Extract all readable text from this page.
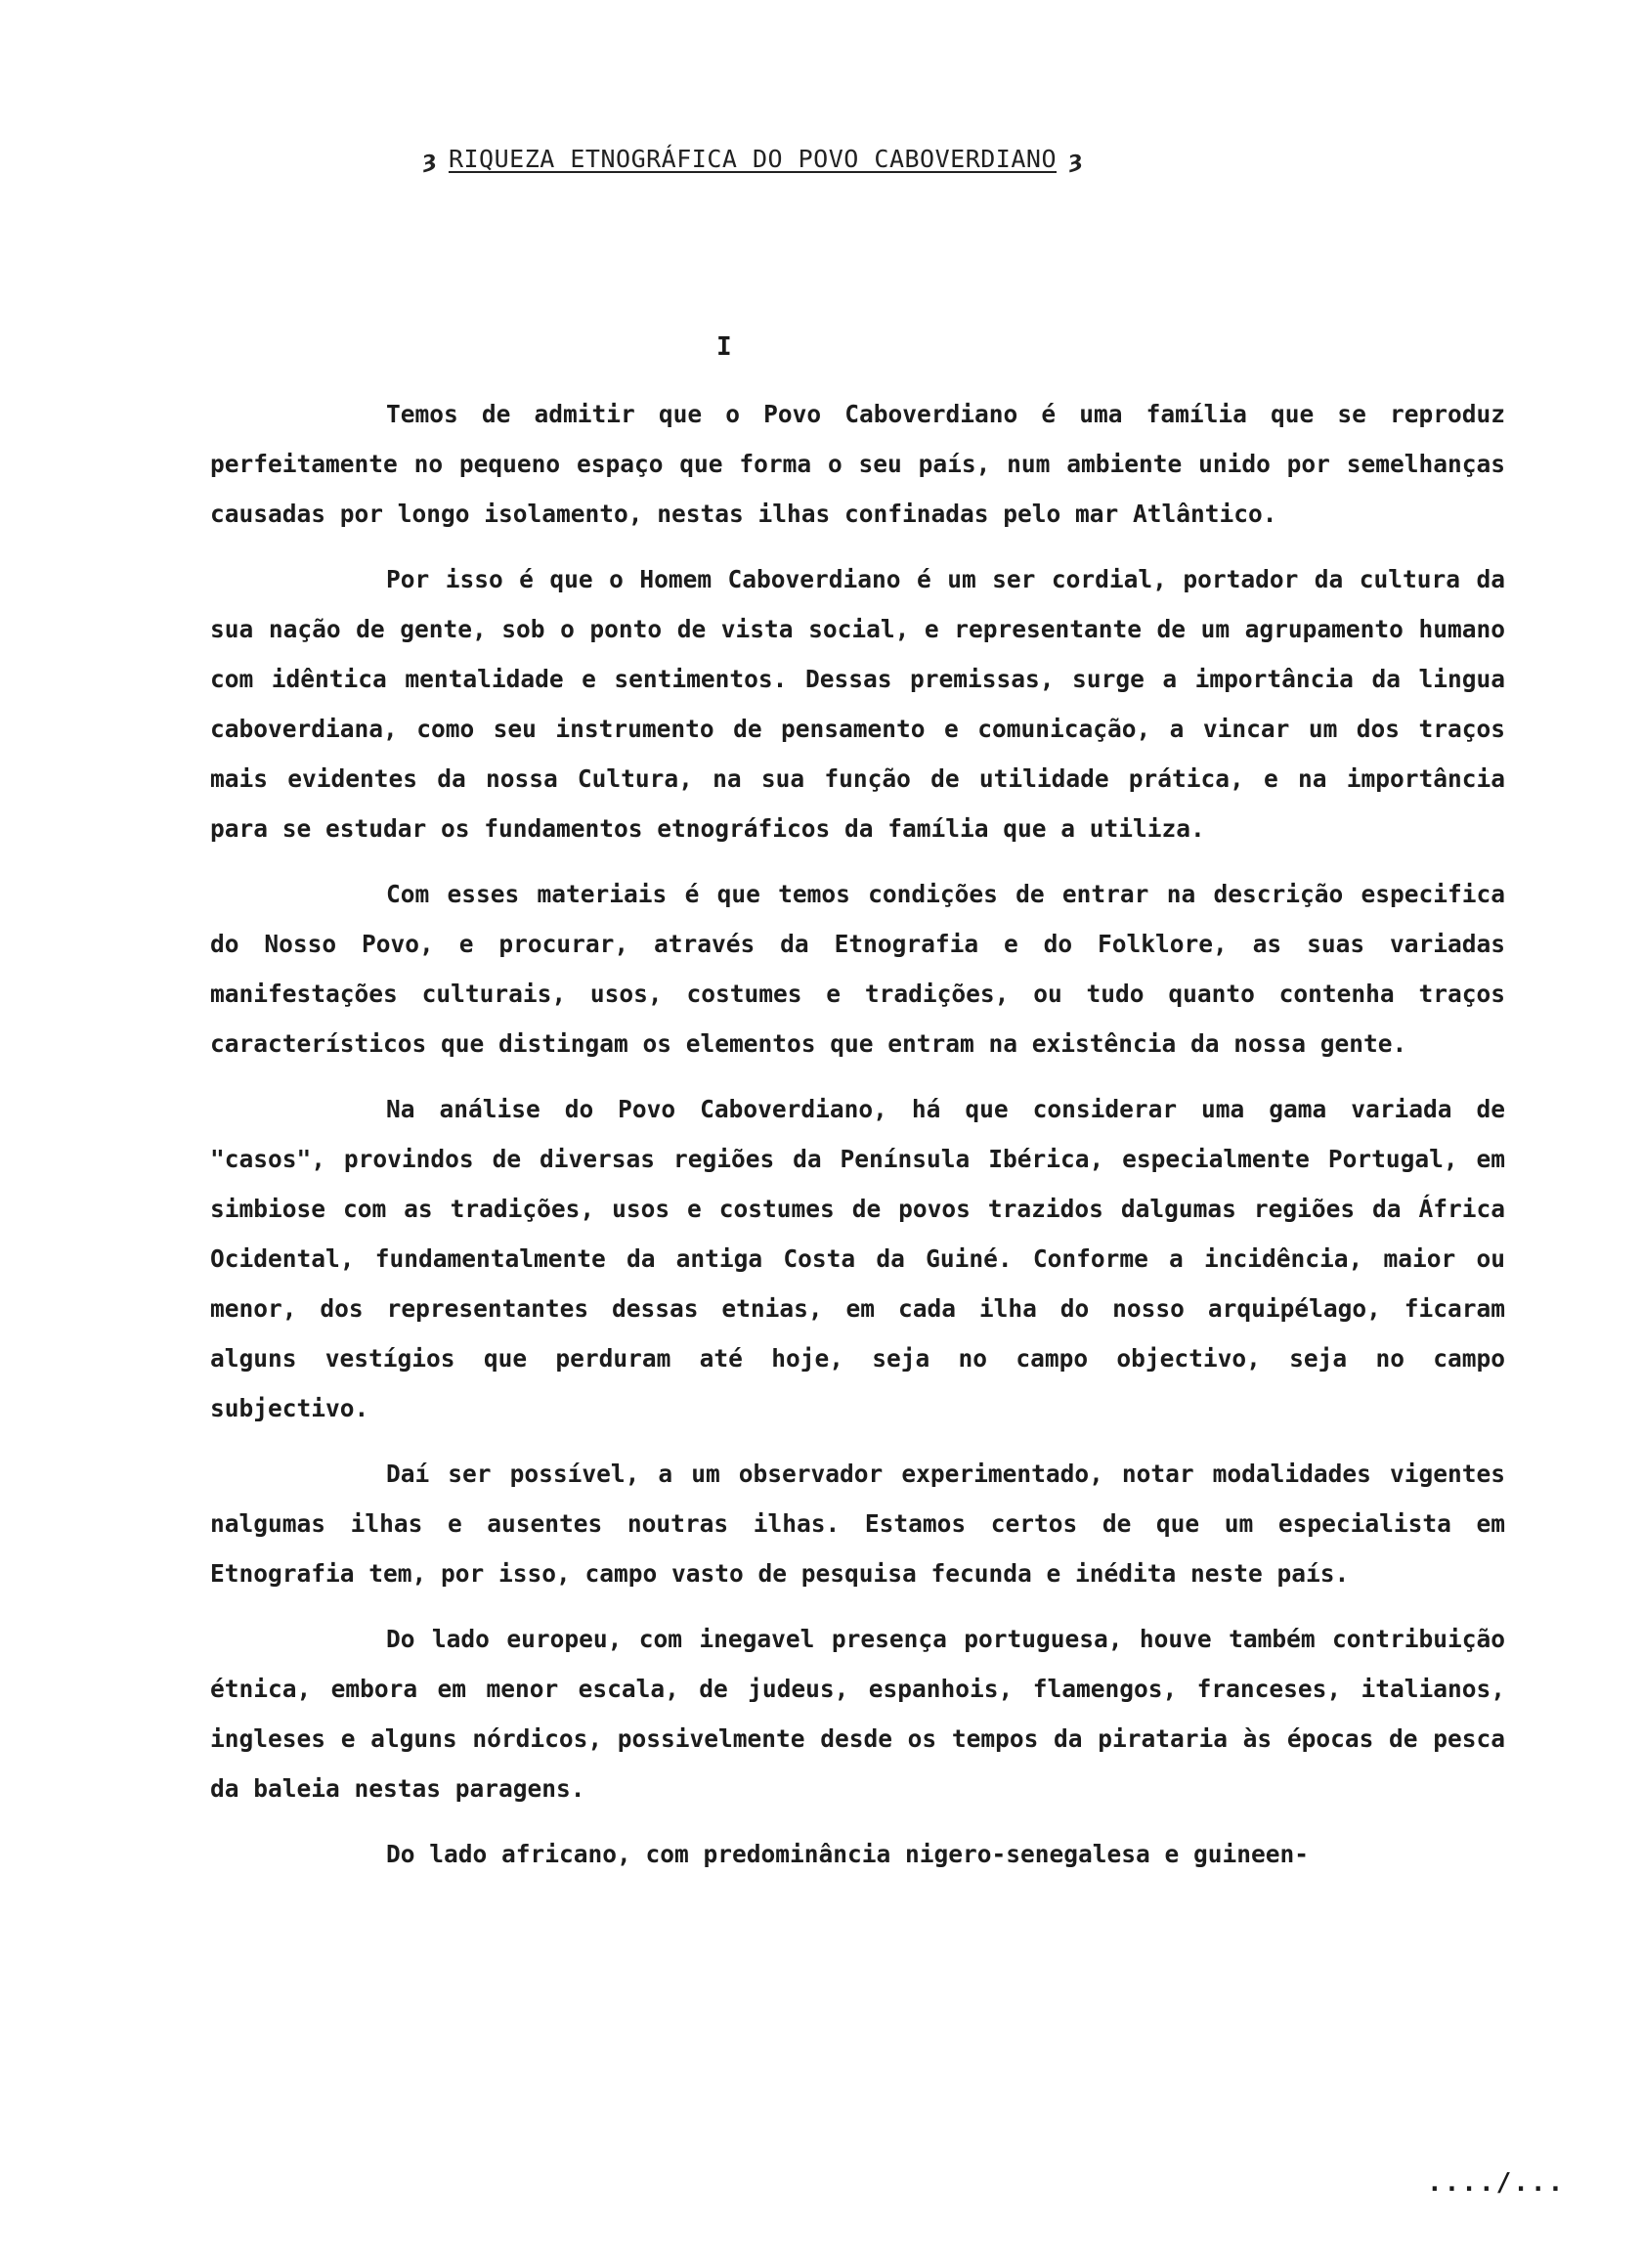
ȝ RIQUEZA ETNOGRÁFICA DO POVO CABOVERDIANO ȝ
I

Temos de admitir que o Povo Caboverdiano é uma família que se reproduz perfeitamente no pequeno espaço que forma o seu país, num ambiente unido por semelhanças causadas por longo isolamento, nestas ilhas confinadas pelo mar Atlântico.

Por isso é que o Homem Caboverdiano é um ser cordial, portador da cultura da sua nação de gente, sob o ponto de vista social, e representante de um agrupamento humano com idêntica mentalidade e sentimentos. Dessas premissas, surge a importância da lingua caboverdiana, como seu instrumento de pensamento e comunicação, a vincar um dos traços mais evidentes da nossa Cultura, na sua função de utilidade prática, e na importância para se estudar os fundamentos etnográficos da família que a utiliza.

Com esses materiais é que temos condições de entrar na descrição especifica do Nosso Povo, e procurar, através da Etnografia e do Folklore, as suas variadas manifestações culturais, usos, costumes e tradições, ou tudo quanto contenha traços característicos que distingam os elementos que entram na existência da nossa gente.

Na análise do Povo Caboverdiano, há que considerar uma gama variada de "casos", provindos de diversas regiões da Península Ibérica, especialmente Portugal, em simbiose com as tradições, usos e costumes de povos trazidos dalgumas regiões da África Ocidental, fundamentalmente da antiga Costa da Guiné. Conforme a incidência, maior ou menor, dos representantes dessas etnias, em cada ilha do nosso arquipélago, ficaram alguns vestígios que perduram até hoje, seja no campo objectivo, seja no campo subjectivo.

Daí ser possível, a um observador experimentado, notar modalidades vigentes nalgumas ilhas e ausentes noutras ilhas. Estamos certos de que um especialista em Etnografia tem, por isso, campo vasto de pesquisa fecunda e inédita neste país.

Do lado europeu, com inegavel presença portuguesa, houve também contribuição étnica, embora em menor escala, de judeus, espanhois, flamengos, franceses, italianos, ingleses e alguns nórdicos, possivelmente desde os tempos da pirataria às épocas de pesca da baleia nestas paragens.

Do lado africano, com predominância nigero-senegalesa e guineen-

..../...
